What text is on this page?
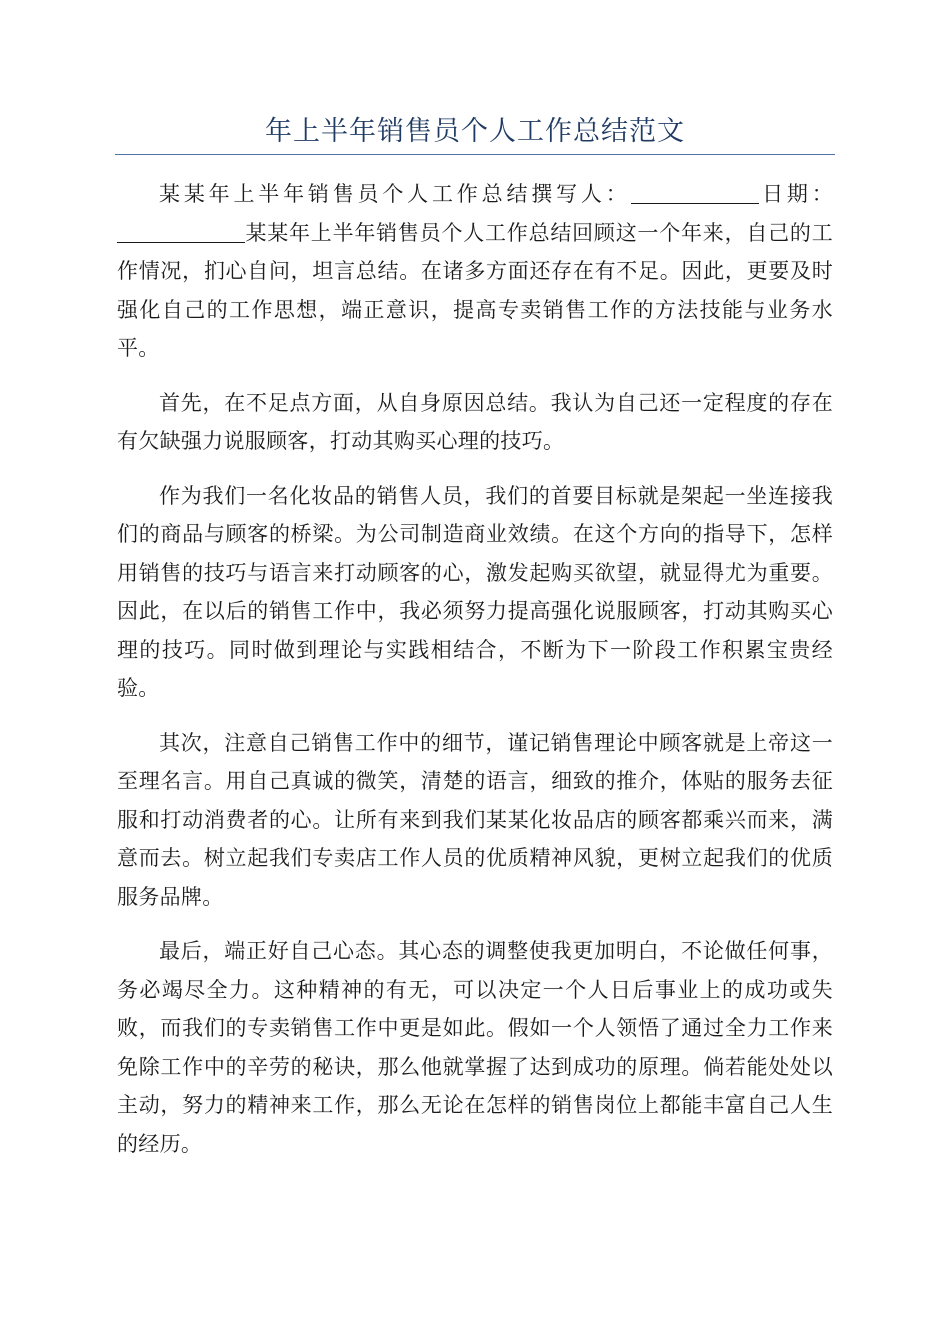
年上半年销售员个人工作总结范文

某某年上半年销售员个人工作总结撰写人：	日期：某某年上半年销售员个人工作总结回顾这一个年来，自己的工作情况，扪心自问，坦言总结。在诸多方面还存在有不足。因此，更要及时强化自己的工作思想，端正意识，提高专卖销售工作的方法技能与业务水平。

首先，在不足点方面，从自身原因总结。我认为自己还一定程度的存在有欠缺强力说服顾客，打动其购买心理的技巧。

作为我们一名化妆品的销售人员，我们的首要目标就是架起一坐连接我们的商品与顾客的桥梁。为公司制造商业效绩。在这个方向的指导下，怎样用销售的技巧与语言来打动顾客的心，激发起购买欲望，就显得尤为重要。因此，在以后的销售工作中，我必须努力提高强化说服顾客，打动其购买心理的技巧。同时做到理论与实践相结合，不断为下一阶段工作积累宝贵经验。

其次，注意自己销售工作中的细节，谨记销售理论中顾客就是上帝这一至理名言。用自己真诚的微笑，清楚的语言，细致的推介，体贴的服务去征服和打动消费者的心。让所有来到我们某某化妆品店的顾客都乘兴而来，满意而去。树立起我们专卖店工作人员的优质精神风貌，更树立起我们的优质服务品牌。

最后，端正好自己心态。其心态的调整使我更加明白，不论做任何事，务必竭尽全力。这种精神的有无，可以决定一个人日后事业上的成功或失败，而我们的专卖销售工作中更是如此。假如一个人领悟了通过全力工作来免除工作中的辛劳的秘诀，那么他就掌握了达到成功的原理。倘若能处处以主动，努力的精神来工作，那么无论在怎样的销售岗位上都能丰富自己人生的经历。
